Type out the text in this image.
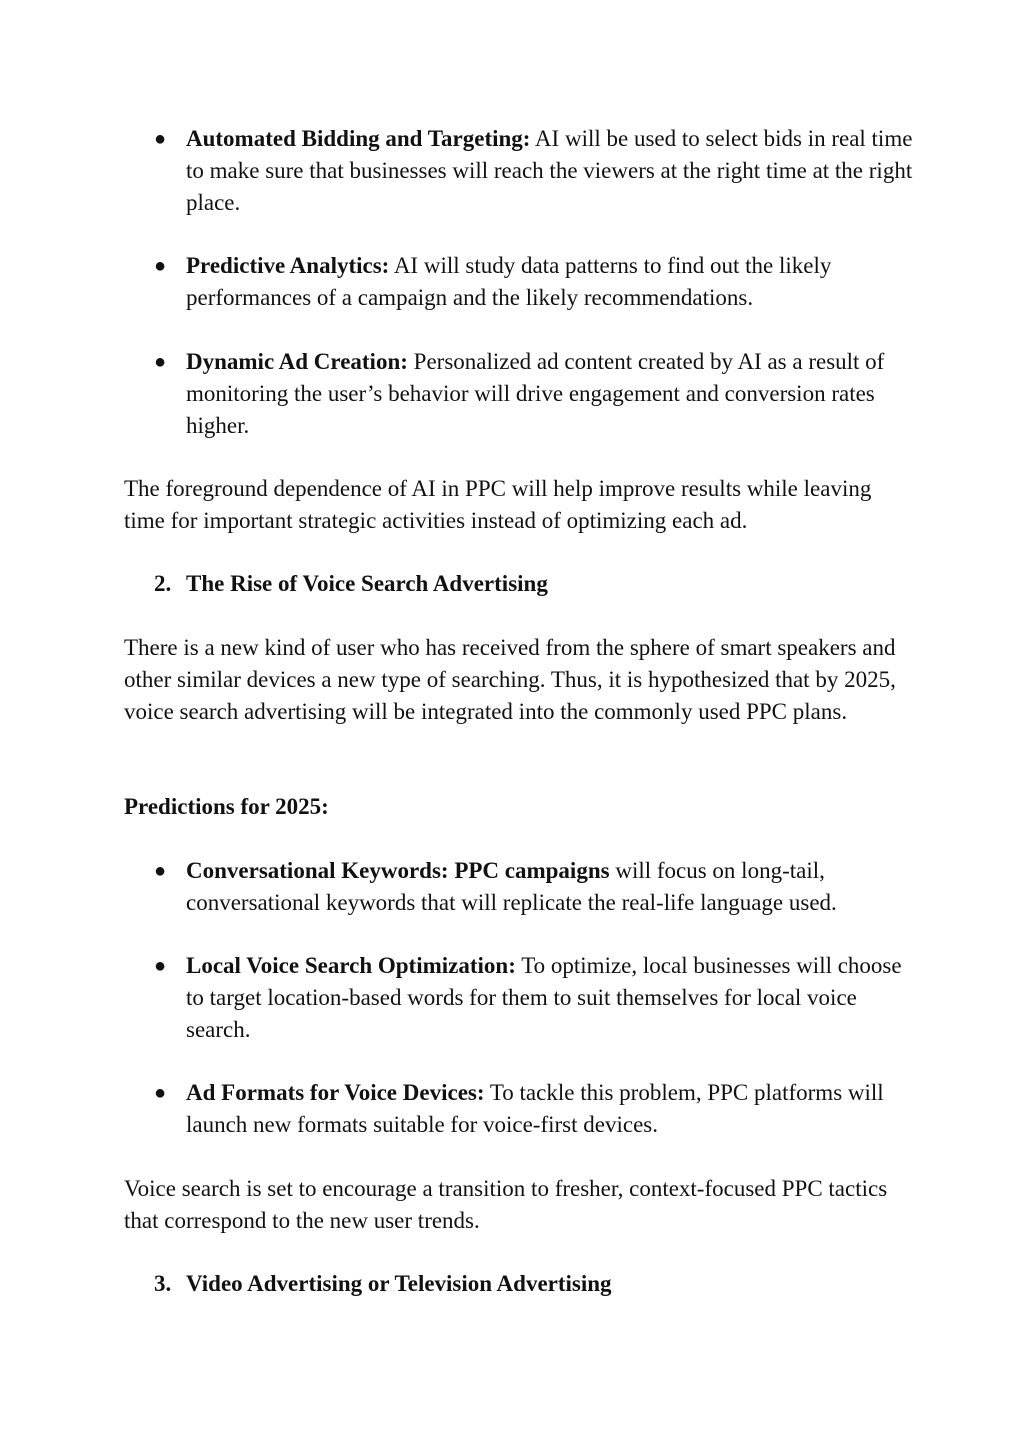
● Automated Bidding and Targeting: AI will be used to select bids in real time to make sure that businesses will reach the viewers at the right time at the right place.
● Predictive Analytics: AI will study data patterns to find out the likely performances of a campaign and the likely recommendations.
● Dynamic Ad Creation: Personalized ad content created by AI as a result of monitoring the user’s behavior will drive engagement and conversion rates higher.

The foreground dependence of AI in PPC will help improve results while leaving time for important strategic activities instead of optimizing each ad.

2. The Rise of Voice Search Advertising

There is a new kind of user who has received from the sphere of smart speakers and other similar devices a new type of searching. Thus, it is hypothesized that by 2025, voice search advertising will be integrated into the commonly used PPC plans.

Predictions for 2025:

● Conversational Keywords: PPC campaigns will focus on long-tail, conversational keywords that will replicate the real-life language used.
● Local Voice Search Optimization: To optimize, local businesses will choose to target location-based words for them to suit themselves for local voice search.
● Ad Formats for Voice Devices: To tackle this problem, PPC platforms will launch new formats suitable for voice-first devices.

Voice search is set to encourage a transition to fresher, context-focused PPC tactics that correspond to the new user trends.

3. Video Advertising or Television Advertising
